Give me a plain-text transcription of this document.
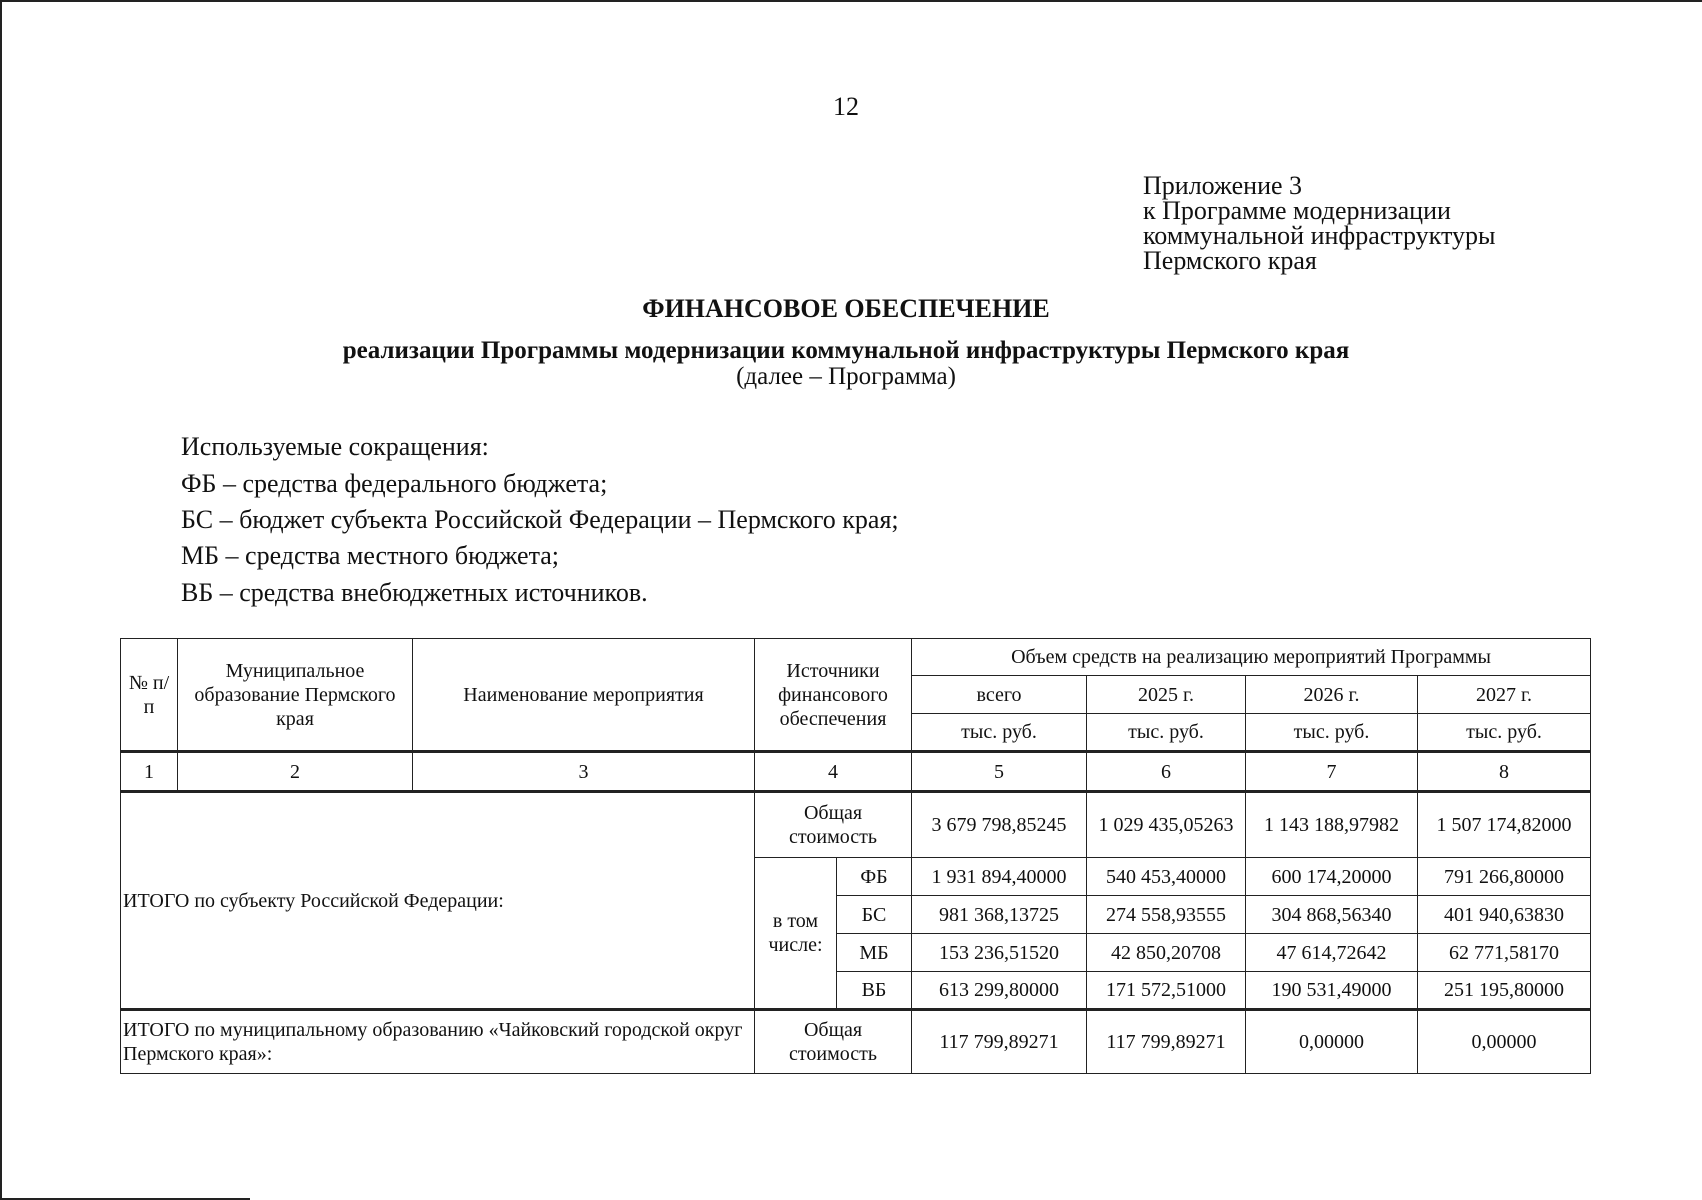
12
Приложение 3
к Программе модернизации
коммунальной инфраструктуры
Пермского края
ФИНАНСОВОЕ ОБЕСПЕЧЕНИЕ
реализации Программы модернизации коммунальной инфраструктуры Пермского края
(далее – Программа)
Используемые сокращения:
ФБ – средства федерального бюджета;
БС – бюджет субъекта Российской Федерации – Пермского края;
МБ – средства местного бюджета;
ВБ – средства внебюджетных источников.
№ п/п	Муниципальное образование Пермского края	Наименование мероприятия	Источники финансового обеспечения		Объем средств на реализацию мероприятий Программы			
					всего	2025 г.	2026 г.	2027 г.
					тыс. руб.	тыс. руб.	тыс. руб.	тыс. руб.
1	2	3	4		5	6	7	8
ИТОГО по субъекту Российской Федерации:			Общая стоимость		3 679 798,85245	1 029 435,05263	1 143 188,97982	1 507 174,82000
			в том числе:	ФБ	1 931 894,40000	540 453,40000	600 174,20000	791 266,80000
				БС	981 368,13725	274 558,93555	304 868,56340	401 940,63830
				МБ	153 236,51520	42 850,20708	47 614,72642	62 771,58170
				ВБ	613 299,80000	171 572,51000	190 531,49000	251 195,80000
ИТОГО по муниципальному образованию «Чайковский городской округ Пермского края»:			Общая стоимость		117 799,89271	117 799,89271	0,00000	0,00000
